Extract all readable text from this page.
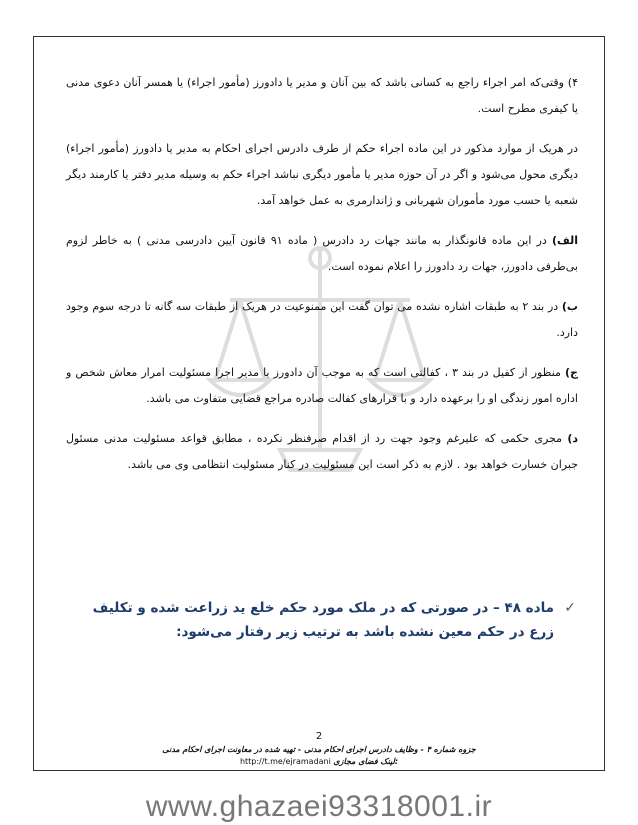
۴) وقتی‌که امر اجراء راجع به کسانی باشد که بین آنان و مدیر یا دادورز (مأمور اجراء) یا همسر آنان دعوی مدنی یا کیفری مطرح است.

در هریک از موارد مذکور در این ماده اجراء حکم از طرف دادرس اجرای احکام به مدیر یا دادورز (مأمور اجراء) دیگری محول می‌شود و اگر در آن حوزه مدیر یا مأمور دیگری نباشد اجراء حکم به وسیله مدیر دفتر یا کارمند دیگر شعبه یا حسب مورد مأموران شهربانی و ژاندارمری به عمل خواهد آمد.

الف) در این ماده قانونگذار به مانند جهات رد دادرس ( ماده ۹۱ قانون آیین دادرسی مدنی ) به خاطر لزوم بی‌طرفی دادورز، جهات رد دادورز را اعلام نموده است.

ب) در بند ۲ به طبقات اشاره نشده می توان گفت این ممنوعیت در هریک از طبقات سه گانه تا درجه سوم وجود دارد.

ج) منظور از کفیل در بند ۳ ، کفالتی است که به موجب آن دادورز یا مدیر اجرا مسئولیت امرار معاش شخص و اداره امور زندگی او را برعهده دارد و با قرارهای کفالت صادره مراجع قضایی متفاوت می باشد.

د) مجری حکمی که علیرغم وجود جهت رد از اقدام صرفنظر نکرده ، مطابق قواعد مسئولیت مدنی مسئول جبران خسارت خواهد بود . لازم به ذکر است این مسئولیت در کنار مسئولیت انتظامی وی می باشد.

✓
ماده ۴۸ – در صورتی که در ملک مورد حکم خلع ید زراعت شده و تکلیف زرع در حکم معین نشده باشد به ترتیب زیر رفتار می‌شود:
2
جزوه شماره ۴ - وظایف دادرس اجرای احکام مدنی - تهیه شده در معاونت اجرای احکام مدنی
http://t.me/ejramadani لینک فضای مجازی:
www.ghazaei93318001.ir
